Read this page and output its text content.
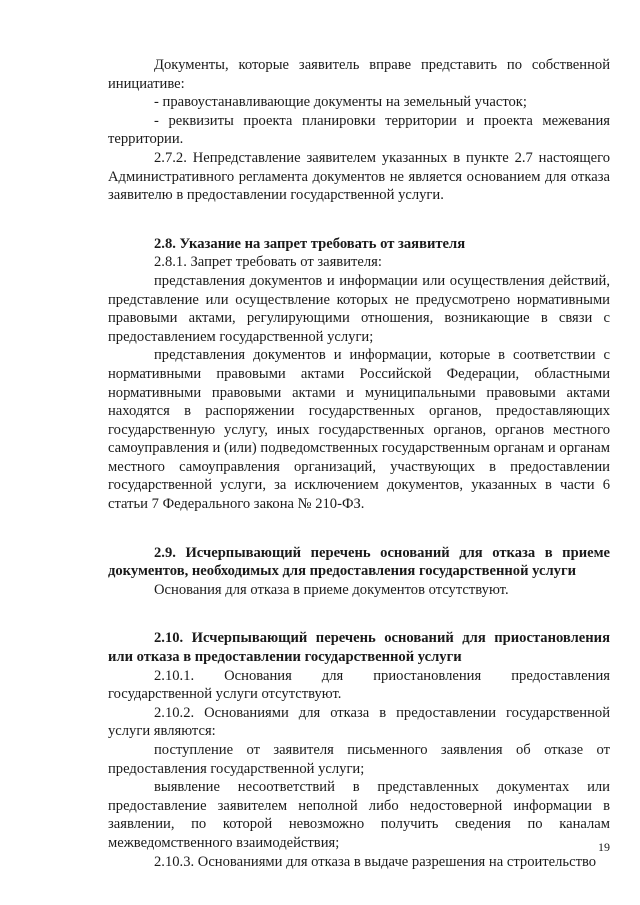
Документы, которые заявитель вправе представить по собственной инициативе:

- правоустанавливающие документы на земельный участок;

- реквизиты проекта планировки территории и проекта межевания территории.

2.7.2. Непредставление заявителем указанных в пункте 2.7 настоящего Административного регламента документов не является основанием для отказа заявителю в предоставлении государственной услуги.

2.8. Указание на запрет требовать от заявителя

2.8.1. Запрет требовать от заявителя:

представления документов и информации или осуществления действий, представление или осуществление которых не предусмотрено нормативными правовыми актами, регулирующими отношения, возникающие в связи с предоставлением государственной услуги;

представления документов и информации, которые в соответствии с нормативными правовыми актами Российской Федерации, областными нормативными правовыми актами и муниципальными правовыми актами находятся в распоряжении государственных органов, предоставляющих государственную услугу, иных государственных органов, органов местного самоуправления и (или) подведомственных государственным органам и органам местного самоуправления организаций, участвующих в предоставлении государственной услуги, за исключением документов, указанных в части 6 статьи 7 Федерального закона № 210-ФЗ.

2.9. Исчерпывающий перечень оснований для отказа в приеме документов, необходимых для предоставления государственной услуги

Основания для отказа в приеме документов отсутствуют.

2.10. Исчерпывающий перечень оснований для приостановления или отказа в предоставлении государственной услуги

2.10.1. Основания для приостановления предоставления государственной услуги отсутствуют.

2.10.2. Основаниями для отказа в предоставлении государственной услуги являются:

поступление от заявителя письменного заявления об отказе от предоставления государственной услуги;

выявление несоответствий в представленных документах или предоставление заявителем неполной либо недостоверной информации в заявлении, по которой невозможно получить сведения по каналам межведомственного взаимодействия;

2.10.3. Основаниями для отказа в выдаче разрешения на строительство

19
